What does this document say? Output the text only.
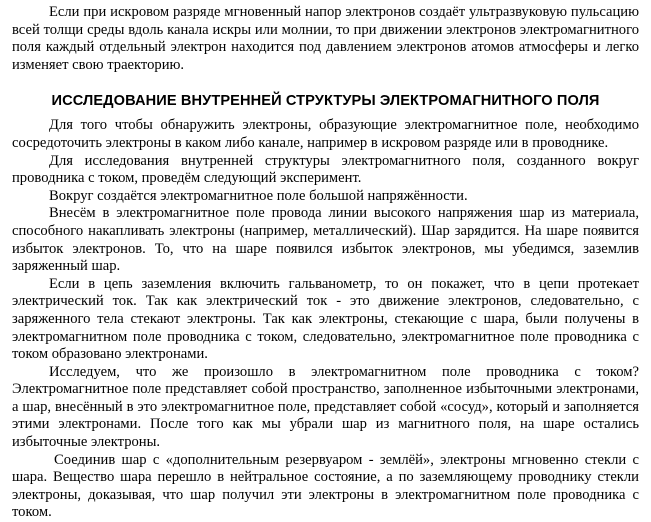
Если при искровом разряде мгновенный напор электронов создаёт ультразвуковую пульсацию всей толщи среды вдоль канала искры или молнии, то при движении электронов электромагнитного поля каждый отдельный электрон находится под давлением электронов атомов атмосферы и легко изменяет свою траекторию.

ИССЛЕДОВАНИЕ ВНУТРЕННЕЙ СТРУКТУРЫ ЭЛЕКТРОМАГНИТНОГО ПОЛЯ

Для того чтобы обнаружить электроны, образующие электромагнитное поле, необходимо сосредоточить электроны в каком либо канале, например в искровом разряде или в проводнике.

Для исследования внутренней структуры электромагнитного поля, созданного вокруг проводника с током, проведём следующий эксперимент.

Вокруг создаётся электромагнитное поле большой напряжённости.

Внесём в электромагнитное поле провода линии высокого напряжения шар из материала, способного накапливать электроны (например, металлический). Шар зарядится. На шаре появится избыток электронов. То, что на шаре появился избыток электронов, мы убедимся, заземлив заряженный шар.

Если в цепь заземления включить гальванометр, то он покажет, что в цепи протекает электрический ток. Так как электрический ток - это движение электронов, следовательно, с заряженного тела стекают электроны. Так как электроны, стекающие с шара, были получены в электромагнитном поле проводника с током, следовательно, электромагнитное поле проводника с током образовано электронами.

Исследуем, что же произошло в электромагнитном поле проводника с током? Электромагнитное поле представляет собой пространство, заполненное избыточными электронами, а шар, внесённый в это электромагнитное поле, представляет собой «сосуд», который и заполняется этими электронами. После того как мы убрали шар из магнитного поля, на шаре остались избыточные электроны.

Соединив шар с «дополнительным резервуаром - землёй», электроны мгновенно стекли с шара. Вещество шара перешло в нейтральное состояние, а по заземляющему проводнику стекли электроны, доказывая, что шар получил эти электроны в электромагнитном поле проводника с током.
